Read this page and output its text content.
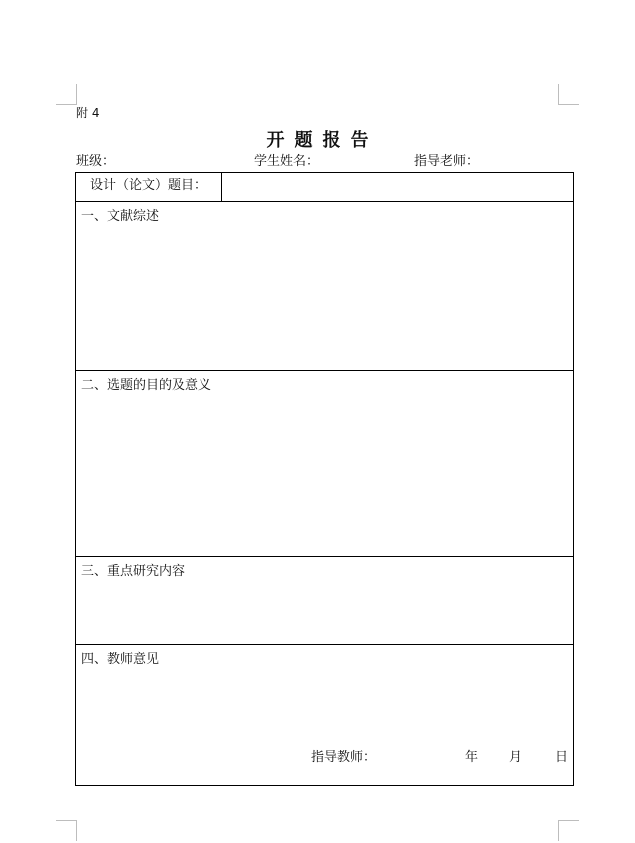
附 4
开题报告
班级：	学生姓名：	指导老师：
设计（论文）题目：
一、文献综述
二、选题的目的及意义
三、重点研究内容
四、教师意见
指导教师：	年 月	日
